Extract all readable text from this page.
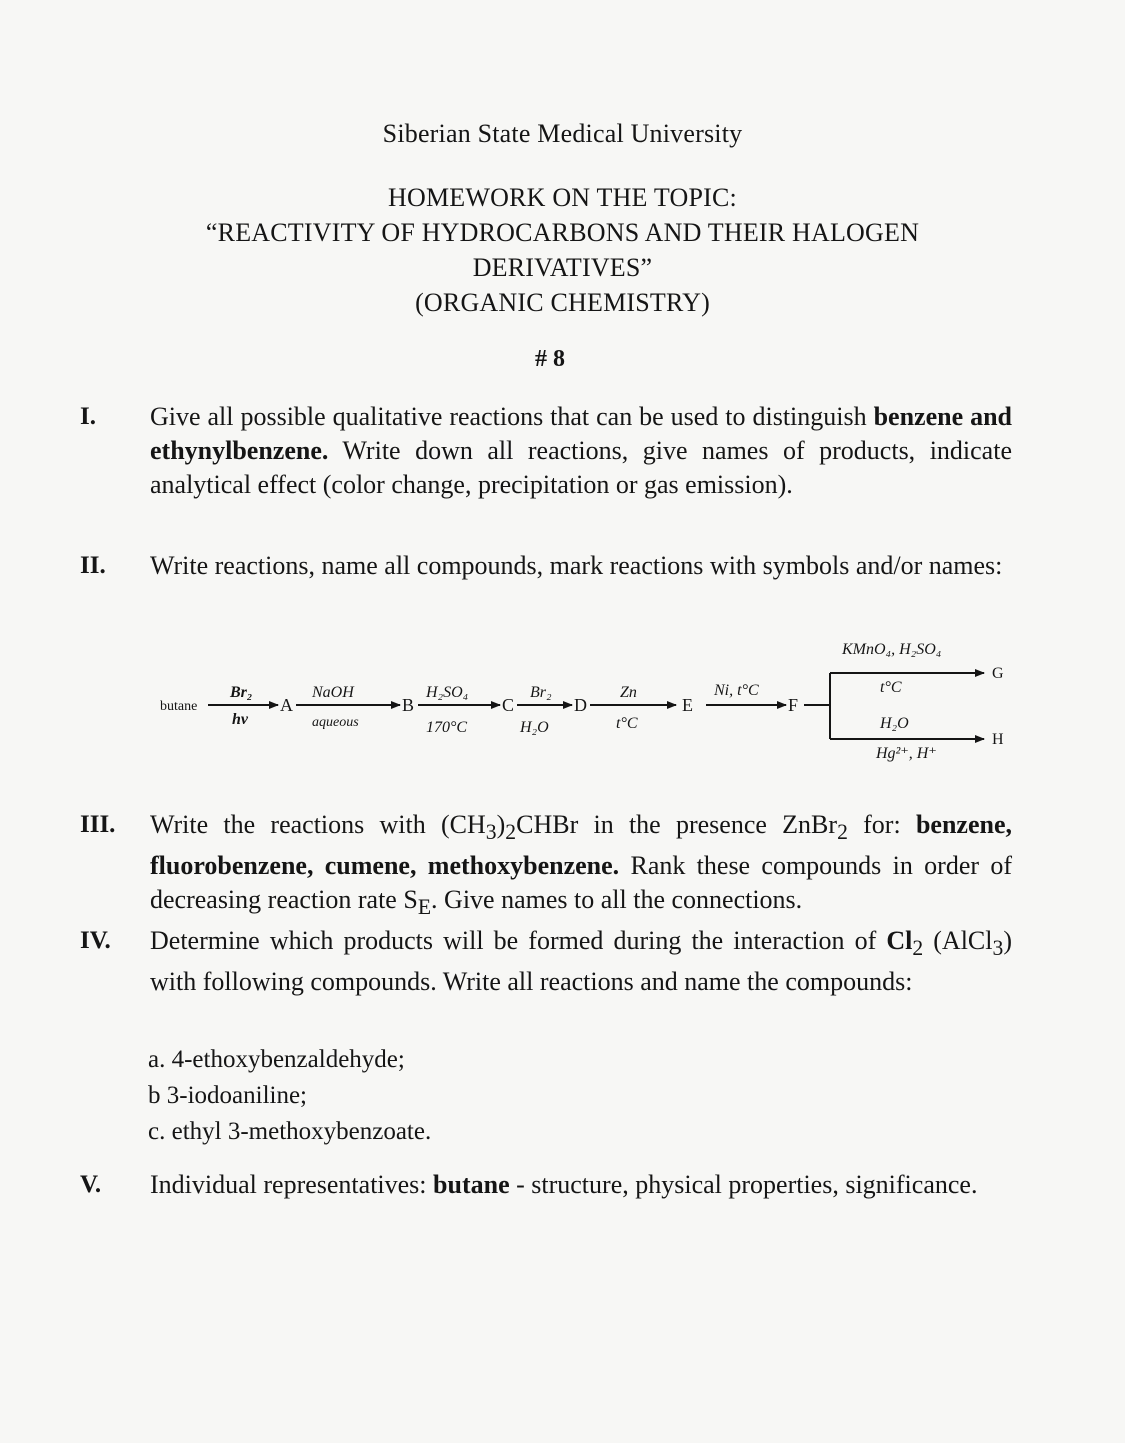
Siberian State Medical University

HOMEWORK ON THE TOPIC:

“REACTIVITY OF HYDROCARBONS AND THEIR HALOGEN

DERIVATIVES”

(ORGANIC CHEMISTRY)

# 8
I. Give all possible qualitative reactions that can be used to distinguish benzene and ethynylbenzene. Write down all reactions, give names of products, indicate analytical effect (color change, precipitation or gas emission).
II. Write reactions, name all compounds, mark reactions with symbols and/or names:
butane
Br₂
hν
A
NaOH
aqueous
B
H₂SO₄
170°C
C
Br₂
H₂O
D
Zn
t°C
E
Ni, t°C
F
KMnO₄, H₂SO₄
t°C
H₂O
Hg²⁺, H⁺
G
H
III. Write the reactions with $(CH_3)_2CHBr$ in the presence ZnBr$_2$ for: benzene, fluorobenzene, cumene, methoxybenzene. Rank these compounds in order of decreasing reaction rate $S_E$. Give names to all the connections.
IV. Determine which products will be formed during the interaction of $Cl_2$ (AlCl$_3$) with following compounds. Write all reactions and name the compounds:
a. 4-ethoxybenzaldehyde;
b 3-iodoaniline;
c. ethyl 3-methoxybenzoate.
V. Individual representatives: butane - structure, physical properties, significance.
